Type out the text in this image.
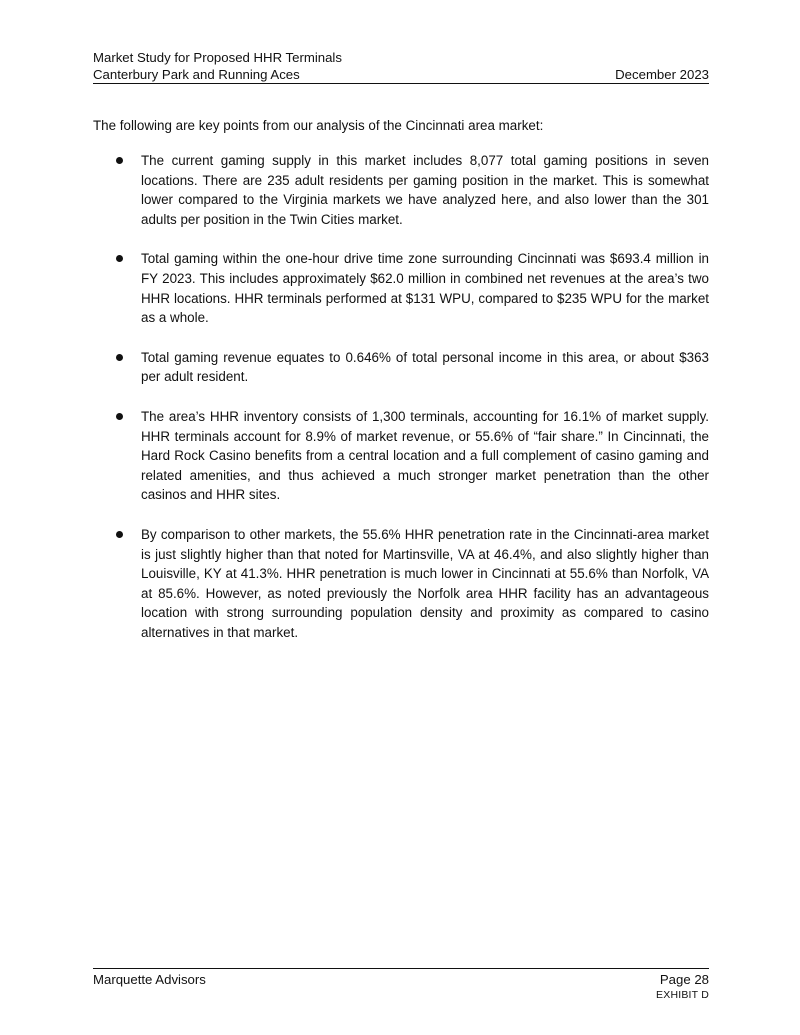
Market Study for Proposed HHR Terminals
Canterbury Park and Running Aces	December 2023
The following are key points from our analysis of the Cincinnati area market:
The current gaming supply in this market includes 8,077 total gaming positions in seven locations. There are 235 adult residents per gaming position in the market. This is somewhat lower compared to the Virginia markets we have analyzed here, and also lower than the 301 adults per position in the Twin Cities market.
Total gaming within the one-hour drive time zone surrounding Cincinnati was $693.4 million in FY 2023. This includes approximately $62.0 million in combined net revenues at the area’s two HHR locations. HHR terminals performed at $131 WPU, compared to $235 WPU for the market as a whole.
Total gaming revenue equates to 0.646% of total personal income in this area, or about $363 per adult resident.
The area’s HHR inventory consists of 1,300 terminals, accounting for 16.1% of market supply. HHR terminals account for 8.9% of market revenue, or 55.6% of “fair share.” In Cincinnati, the Hard Rock Casino benefits from a central location and a full complement of casino gaming and related amenities, and thus achieved a much stronger market penetration than the other casinos and HHR sites.
By comparison to other markets, the 55.6% HHR penetration rate in the Cincinnati-area market is just slightly higher than that noted for Martinsville, VA at 46.4%, and also slightly higher than Louisville, KY at 41.3%. HHR penetration is much lower in Cincinnati at 55.6% than Norfolk, VA at 85.6%. However, as noted previously the Norfolk area HHR facility has an advantageous location with strong surrounding population density and proximity as compared to casino alternatives in that market.
Marquette Advisors	Page 28
EXHIBIT D
